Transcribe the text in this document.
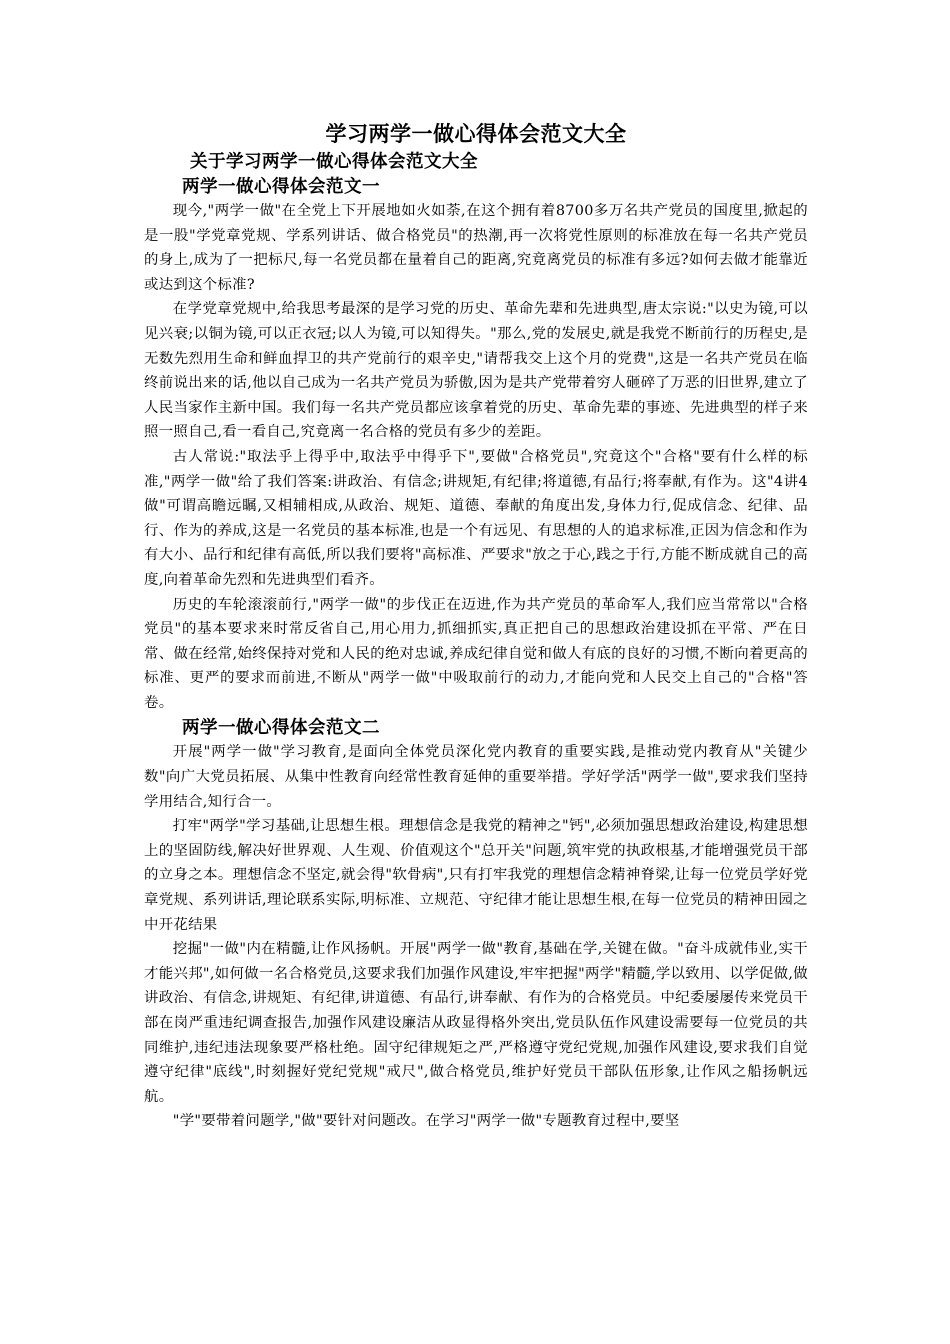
学习两学一做心得体会范文大全
关于学习两学一做心得体会范文大全
两学一做心得体会范文一

现今,"两学一做"在全党上下开展地如火如荼,在这个拥有着8700多万名共产党员的国度里,掀起的是一股"学党章党规、学系列讲话、做合格党员"的热潮,再一次将党性原则的标准放在每一名共产党员的身上,成为了一把标尺,每一名党员都在量着自己的距离,究竟离党员的标准有多远?如何去做才能靠近或达到这个标准?

在学党章党规中,给我思考最深的是学习党的历史、革命先辈和先进典型,唐太宗说:"以史为镜,可以见兴衰;以铜为镜,可以正衣冠;以人为镜,可以知得失。"那么,党的发展史,就是我党不断前行的历程史,是无数先烈用生命和鲜血捍卫的共产党前行的艰辛史,"请帮我交上这个月的党费",这是一名共产党员在临终前说出来的话,他以自己成为一名共产党员为骄傲,因为是共产党带着穷人砸碎了万恶的旧世界,建立了人民当家作主新中国。我们每一名共产党员都应该拿着党的历史、革命先辈的事迹、先进典型的样子来照一照自己,看一看自己,究竟离一名合格的党员有多少的差距。

古人常说:"取法乎上得乎中,取法乎中得乎下",要做"合格党员",究竟这个"合格"要有什么样的标准,"两学一做"给了我们答案:讲政治、有信念;讲规矩,有纪律;将道德,有品行;将奉献,有作为。这"4讲4做"可谓高瞻远瞩,又相辅相成,从政治、规矩、道德、奉献的角度出发,身体力行,促成信念、纪律、品行、作为的养成,这是一名党员的基本标准,也是一个有远见、有思想的人的追求标准,正因为信念和作为有大小、品行和纪律有高低,所以我们要将"高标准、严要求"放之于心,践之于行,方能不断成就自己的高度,向着革命先烈和先进典型们看齐。

历史的车轮滚滚前行,"两学一做"的步伐正在迈进,作为共产党员的革命军人,我们应当常常以"合格党员"的基本要求来时常反省自己,用心用力,抓细抓实,真正把自己的思想政治建设抓在平常、严在日常、做在经常,始终保持对党和人民的绝对忠诚,养成纪律自觉和做人有底的良好的习惯,不断向着更高的标准、更严的要求而前进,不断从"两学一做"中吸取前行的动力,才能向党和人民交上自己的"合格"答卷。

两学一做心得体会范文二

开展"两学一做"学习教育,是面向全体党员深化党内教育的重要实践,是推动党内教育从"关键少数"向广大党员拓展、从集中性教育向经常性教育延伸的重要举措。学好学活"两学一做",要求我们坚持学用结合,知行合一。

打牢"两学"学习基础,让思想生根。理想信念是我党的精神之"钙",必须加强思想政治建设,构建思想上的坚固防线,解决好世界观、人生观、价值观这个"总开关"问题,筑牢党的执政根基,才能增强党员干部的立身之本。理想信念不坚定,就会得"软骨病",只有打牢我党的理想信念精神脊梁,让每一位党员学好党章党规、系列讲话,理论联系实际,明标准、立规范、守纪律才能让思想生根,在每一位党员的精神田园之中开花结果

挖掘"一做"内在精髓,让作风扬帆。开展"两学一做"教育,基础在学,关键在做。"奋斗成就伟业,实干才能兴邦",如何做一名合格党员,这要求我们加强作风建设,牢牢把握"两学"精髓,学以致用、以学促做,做讲政治、有信念,讲规矩、有纪律,讲道德、有品行,讲奉献、有作为的合格党员。中纪委屡屡传来党员干部在岗严重违纪调查报告,加强作风建设廉洁从政显得格外突出,党员队伍作风建设需要每一位党员的共同维护,违纪违法现象要严格杜绝。固守纪律规矩之严,严格遵守党纪党规,加强作风建设,要求我们自觉遵守纪律"底线",时刻握好党纪党规"戒尺",做合格党员,维护好党员干部队伍形象,让作风之船扬帆远航。

"学"要带着问题学,"做"要针对问题改。在学习"两学一做"专题教育过程中,要坚
